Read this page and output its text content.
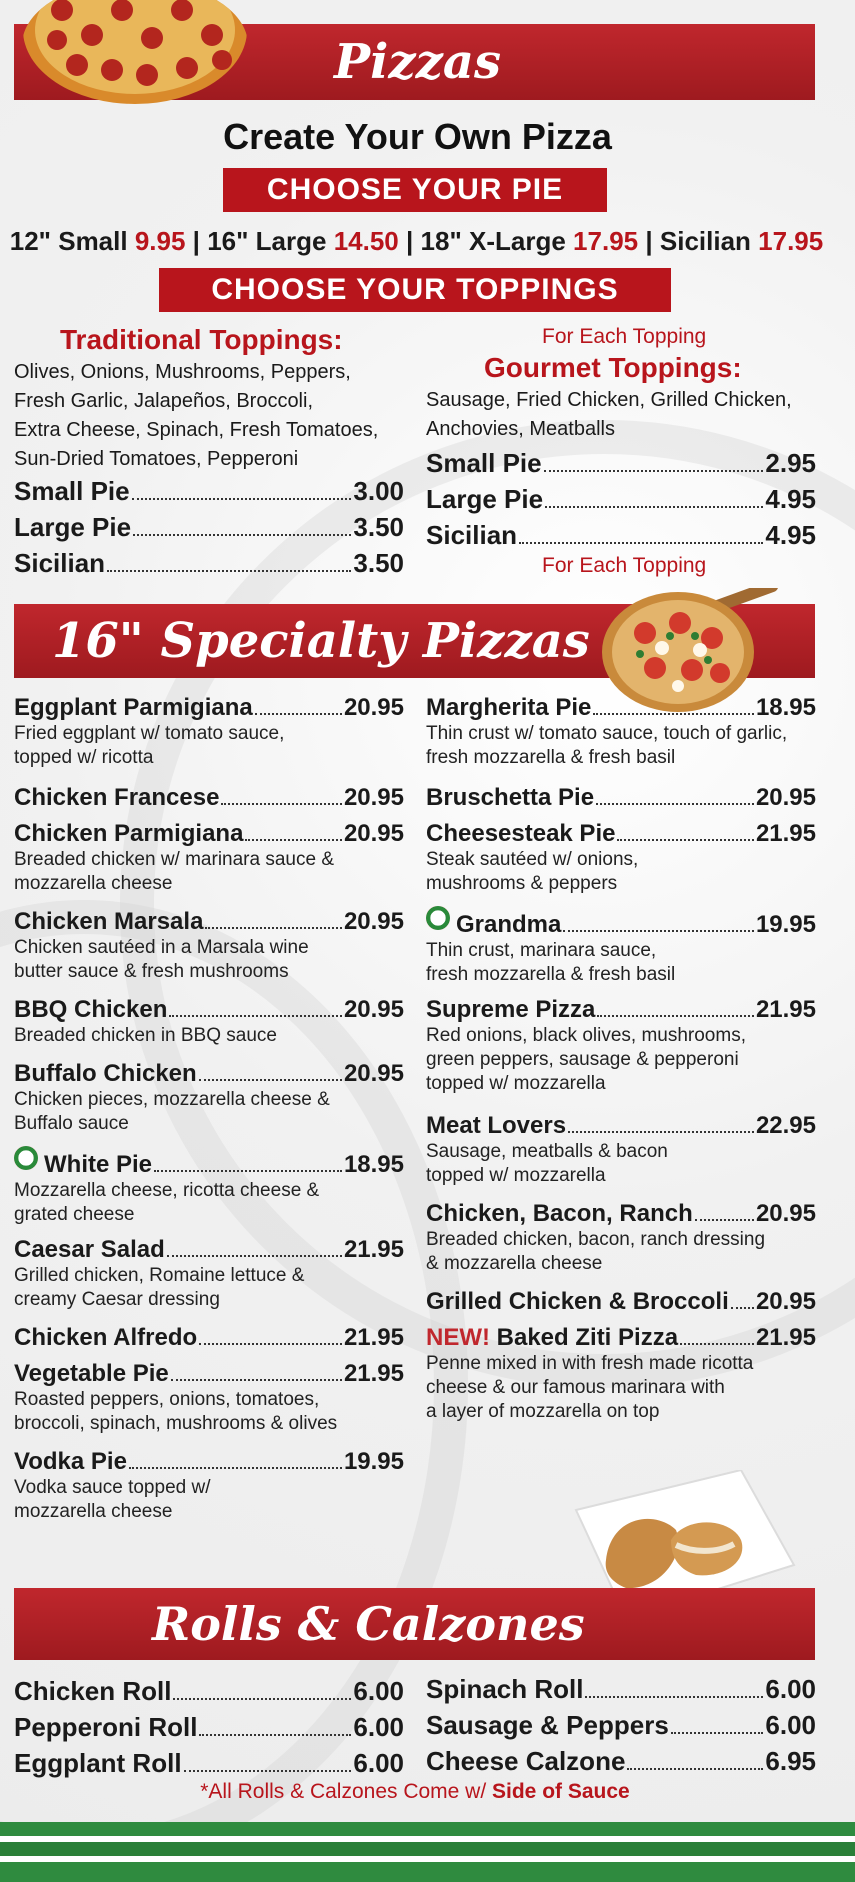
Pizzas
Create Your Own Pizza
CHOOSE YOUR PIE
12" Small 9.95 | 16" Large 14.50 | 18" X-Large 17.95 | Sicilian 17.95
CHOOSE YOUR TOPPINGS
Traditional Toppings:
Olives, Onions, Mushrooms, Peppers,
Fresh Garlic, Jalapeños, Broccoli,
Extra Cheese, Spinach, Fresh Tomatoes,
Sun-Dried Tomatoes, Pepperoni
Small Pie	3.00
Large Pie	3.50
Sicilian	3.50
For Each Topping
Gourmet Toppings:
Sausage, Fried Chicken, Grilled Chicken,
Anchovies, Meatballs
Small Pie	2.95
Large Pie	4.95
Sicilian	4.95
For Each Topping
16" Specialty Pizzas
Eggplant Parmigiana	20.95
Fried eggplant w/ tomato sauce,
topped w/ ricotta
Chicken Francese	20.95
Chicken Parmigiana	20.95
Breaded chicken w/ marinara sauce &
mozzarella cheese
Chicken Marsala	20.95
Chicken sautéed in a Marsala wine
butter sauce & fresh mushrooms
BBQ Chicken	20.95
Breaded chicken in BBQ sauce
Buffalo Chicken	20.95
Chicken pieces, mozzarella cheese &
Buffalo sauce
White Pie	18.95
Mozzarella cheese, ricotta cheese &
grated cheese
Caesar Salad	21.95
Grilled chicken, Romaine lettuce &
creamy Caesar dressing
Chicken Alfredo	21.95
Vegetable Pie	21.95
Roasted peppers, onions, tomatoes,
broccoli, spinach, mushrooms & olives
Vodka Pie	19.95
Vodka sauce topped w/
mozzarella cheese
Margherita Pie	18.95
Thin crust w/ tomato sauce, touch of garlic,
fresh mozzarella & fresh basil
Bruschetta Pie	20.95
Cheesesteak Pie	21.95
Steak sautéed w/ onions,
mushrooms & peppers
Grandma	19.95
Thin crust, marinara sauce,
fresh mozzarella & fresh basil
Supreme Pizza	21.95
Red onions, black olives, mushrooms,
green peppers, sausage & pepperoni
topped w/ mozzarella
Meat Lovers	22.95
Sausage, meatballs & bacon
topped w/ mozzarella
Chicken, Bacon, Ranch	20.95
Breaded chicken, bacon, ranch dressing
& mozzarella cheese
Grilled Chicken & Broccoli 20.95
NEW!
Baked Ziti Pizza	21.95
Penne mixed in with fresh made ricotta
cheese & our famous marinara with
a layer of mozzarella on top
Rolls & Calzones
Chicken Roll	6.00
Pepperoni Roll	6.00
Eggplant Roll	6.00
Spinach Roll	6.00
Sausage & Peppers	6.00
Cheese Calzone	6.95
*All Rolls & Calzones Come w/ Side of Sauce
